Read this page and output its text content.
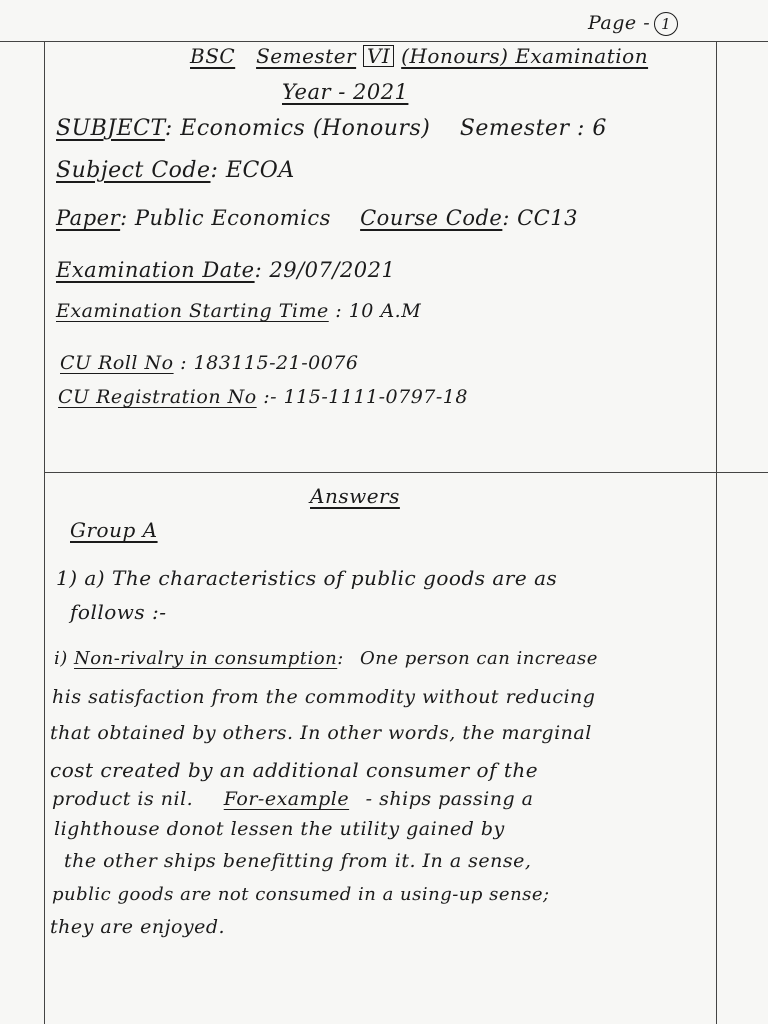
Page - 1
BSC Semester VI (Honours) Examination
Year - 2021
SUBJECT: Economics (Honours) Semester : 6
Subject Code: ECOA
Paper: Public Economics Course Code: CC13
Examination Date: 29/07/2021
Examination Starting Time : 10 A.M
CU Roll No : 183115-21-0076
CU Registration No :- 115-1111-0797-18
Answers
Group A
1) a) The characteristics of public goods are as
follows :-
i) Non-rivalry in consumption: One person can increase
his satisfaction from the commodity without reducing
that obtained by others. In other words, the marginal
cost created by an additional consumer of the
product is nil. For-example - ships passing a
lighthouse donot lessen the utility gained by
the other ships benefitting from it. In a sense,
public goods are not consumed in a using-up sense;
they are enjoyed.
